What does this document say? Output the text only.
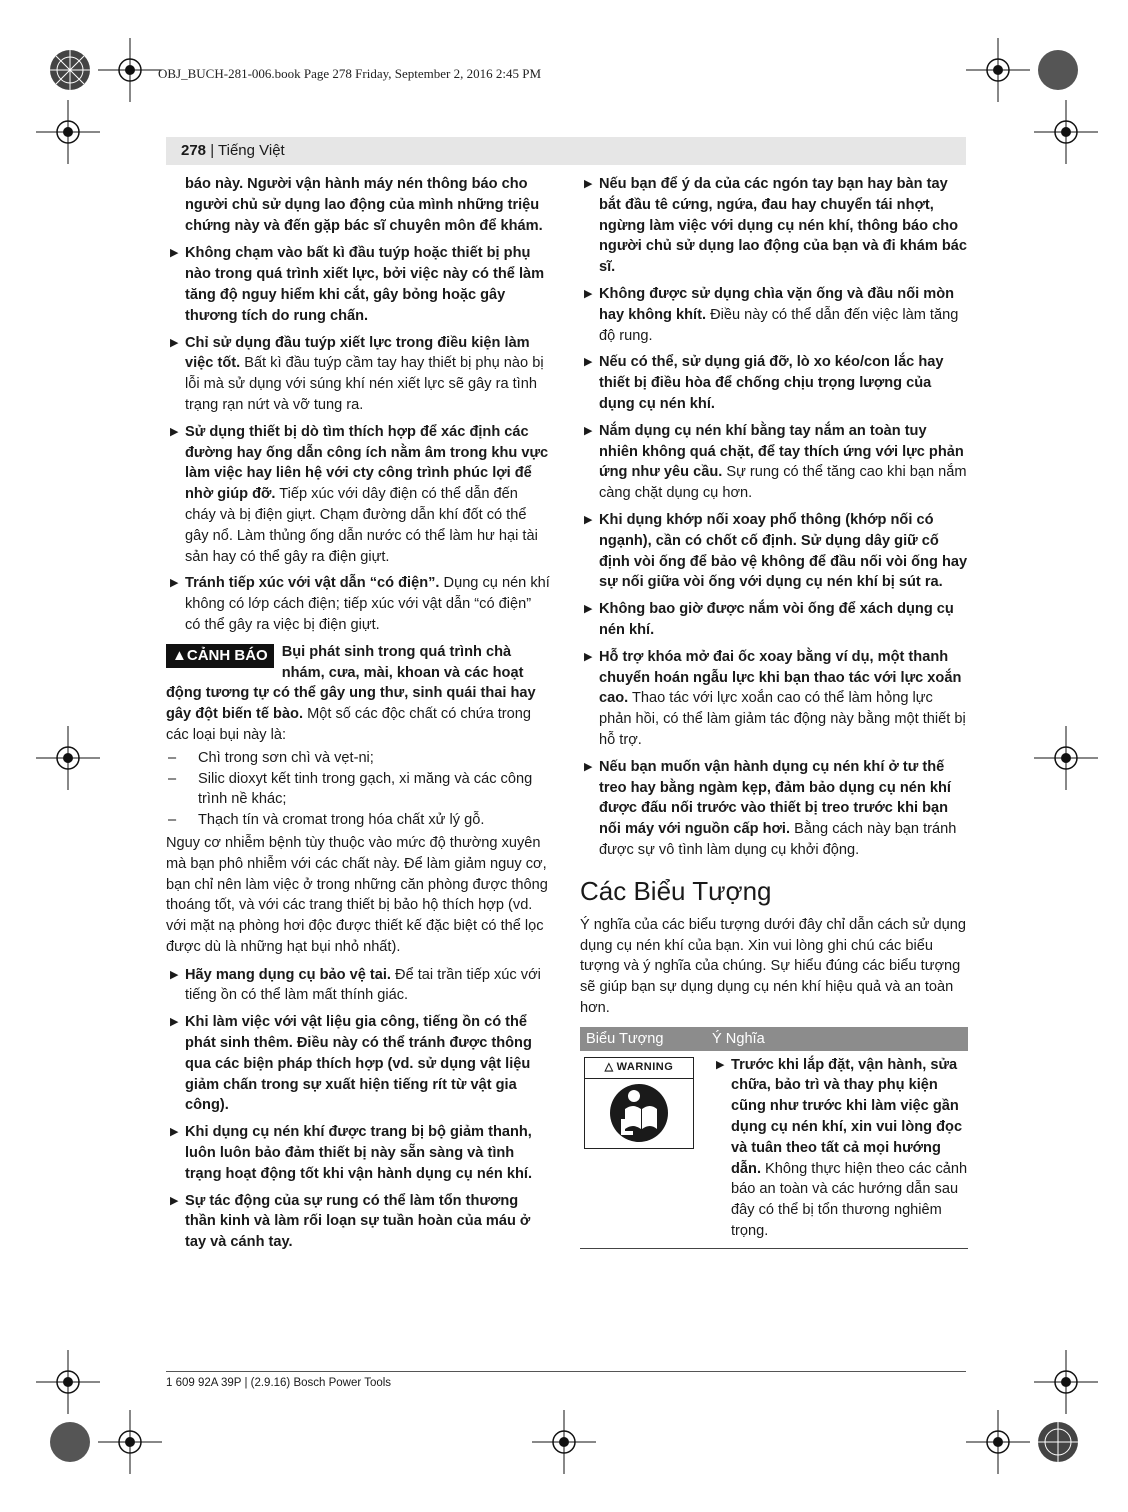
OBJ_BUCH-281-006.book Page 278 Friday, September 2, 2016 2:45 PM
278 | Tiếng Việt
báo này. Người vận hành máy nén thông báo cho người chủ sử dụng lao động của mình những triệu chứng này và đến gặp bác sĩ chuyên môn để khám.
▶ Không chạm vào bất kì đầu tuýp hoặc thiết bị phụ nào trong quá trình xiết lực, bởi việc này có thể làm tăng độ nguy hiểm khi cắt, gây bỏng hoặc gây thương tích do rung chấn.
▶ Chỉ sử dụng đầu tuýp xiết lực trong điều kiện làm việc tốt. Bất kì đầu tuýp cầm tay hay thiết bị phụ nào bị lỗi mà sử dụng với súng khí nén xiết lực sẽ gây ra tình trạng rạn nứt và vỡ tung ra.
▶ Sử dụng thiết bị dò tìm thích hợp để xác định các đường hay ống dẫn công ích nằm âm trong khu vực làm việc hay liên hệ với cty công trình phúc lợi để nhờ giúp đỡ. Tiếp xúc với dây điện có thể dẫn đến cháy và bị điện giựt. Chạm đường dẫn khí đốt có thể gây nổ. Làm thủng ống dẫn nước có thể làm hư hại tài sản hay có thể gây ra điện giựt.
▶ Tránh tiếp xúc với vật dẫn “có điện”. Dụng cụ nén khí không có lớp cách điện; tiếp xúc với vật dẫn “có điện” có thể gây ra việc bị điện giựt.
▲CẢNH BÁO Bụi phát sinh trong quá trình chà nhám, cưa, mài, khoan và các hoạt động tương tự có thể gây ung thư, sinh quái thai hay gây đột biến tế bào. Một số các độc chất có chứa trong các loại bụi này là:
– Chì trong sơn chì và vẹt-ni;
– Silic dioxyt kết tinh trong gạch, xi măng và các công trình nề khác;
– Thạch tín và cromat trong hóa chất xử lý gỗ.
Nguy cơ nhiễm bệnh tùy thuộc vào mức độ thường xuyên mà bạn phô nhiễm với các chất này. Để làm giảm nguy cơ, bạn chỉ nên làm việc ở trong những căn phòng được thông thoáng tốt, và với các trang thiết bị bảo hộ thích hợp (vd. với mặt nạ phòng hơi độc được thiết kế đặc biệt có thể lọc được dù là những hạt bụi nhỏ nhất).
▶ Hãy mang dụng cụ bảo vệ tai. Để tai trần tiếp xúc với tiếng ồn có thể làm mất thính giác.
▶ Khi làm việc với vật liệu gia công, tiếng ồn có thể phát sinh thêm. Điều này có thể tránh được thông qua các biện pháp thích hợp (vd. sử dụng vật liệu giảm chấn trong sự xuất hiện tiếng rít từ vật gia công).
▶ Khi dụng cụ nén khí được trang bị bộ giảm thanh, luôn luôn bảo đảm thiết bị này sẵn sàng và tình trạng hoạt động tốt khi vận hành dụng cụ nén khí.
▶ Sự tác động của sự rung có thể làm tổn thương thần kinh và làm rối loạn sự tuần hoàn của máu ở tay và cánh tay.
▶ Nếu bạn để ý da của các ngón tay bạn hay bàn tay bắt đầu tê cứng, ngứa, đau hay chuyển tái nhợt, ngừng làm việc với dụng cụ nén khí, thông báo cho người chủ sử dụng lao động của bạn và đi khám bác sĩ.
▶ Không được sử dụng chìa vặn ống và đầu nối mòn hay không khít. Điều này có thể dẫn đến việc làm tăng độ rung.
▶ Nếu có thể, sử dụng giá đỡ, lò xo kéo/con lắc hay thiết bị điều hòa để chống chịu trọng lượng của dụng cụ nén khí.
▶ Nắm dụng cụ nén khí bằng tay nắm an toàn tuy nhiên không quá chặt, để tay thích ứng với lực phản ứng như yêu cầu. Sự rung có thể tăng cao khi bạn nắm càng chặt dụng cụ hơn.
▶ Khi dụng khớp nối xoay phổ thông (khớp nối có ngạnh), cần có chốt cố định. Sử dụng dây giữ cố định vòi ống để bảo vệ không để đầu nối vòi ống hay sự nối giữa vòi ống với dụng cụ nén khí bị sút ra.
▶ Không bao giờ được nắm vòi ống để xách dụng cụ nén khí.
▶ Hỗ trợ khóa mở đai ốc xoay bằng ví dụ, một thanh chuyển hoán ngẫu lực khi bạn thao tác với lực xoắn cao. Thao tác với lực xoắn cao có thể làm hỏng lực phản hồi, có thể làm giảm tác động này bằng một thiết bị hỗ trợ.
▶ Nếu bạn muốn vận hành dụng cụ nén khí ở tư thế treo hay bằng ngàm kẹp, đảm bảo dụng cụ nén khí được đấu nối trước vào thiết bị treo trước khi bạn nối máy với nguồn cấp hơi. Bằng cách này bạn tránh được sự vô tình làm dụng cụ khởi động.
Các Biểu Tượng
Ý nghĩa của các biểu tượng dưới đây chỉ dẫn cách sử dụng dụng cụ nén khí của bạn. Xin vui lòng ghi chú các biểu tượng và ý nghĩa của chúng. Sự hiểu đúng các biểu tượng sẽ giúp bạn sự dụng dụng cụ nén khí hiệu quả và an toàn hơn.
Biểu Tượng	Ý Nghĩa
△ WARNING	▶ Trước khi lắp đặt, vận hành, sửa chữa, bảo trì và thay phụ kiện cũng như trước khi làm việc gần dụng cụ nén khí, xin vui lòng đọc và tuân theo tất cả mọi hướng dẫn. Không thực hiện theo các cảnh báo an toàn và các hướng dẫn sau đây có thể bị tổn thương nghiêm trọng.
1 609 92A 39P | (2.9.16) Bosch Power Tools
